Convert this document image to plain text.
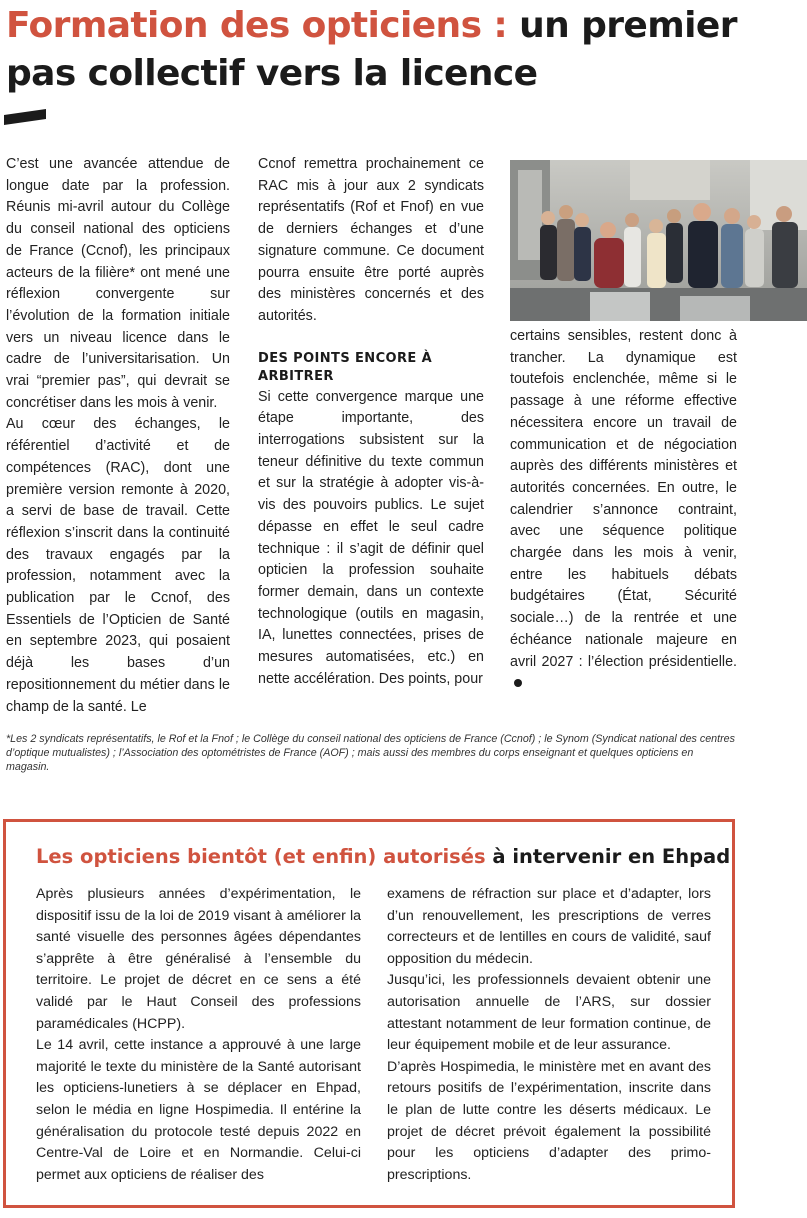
Formation des opticiens : un premier pas collectif vers la licence

C’est une avancée attendue de longue date par la profession. Réunis mi-avril autour du Collège du conseil national des opticiens de France (Ccnof), les principaux acteurs de la filière* ont mené une réflexion convergente sur l’évolution de la formation initiale vers un niveau licence dans le cadre de l’universitarisation. Un vrai “premier pas”, qui devrait se concrétiser dans les mois à venir.

Au cœur des échanges, le référentiel d’activité et de compétences (RAC), dont une première version remonte à 2020, a servi de base de travail. Cette réflexion s’inscrit dans la continuité des travaux engagés par la profession, notamment avec la publication par le Ccnof, des Essentiels de l’Opticien de Santé en septembre 2023, qui posaient déjà les bases d’un repositionnement du métier dans le champ de la santé. Le

Ccnof remettra prochainement ce RAC mis à jour aux 2 syndicats représentatifs (Rof et Fnof) en vue de derniers échanges et d’une signature commune. Ce document pourra ensuite être porté auprès des ministères concernés et des autorités.

DES POINTS ENCORE À ARBITRER

Si cette convergence marque une étape importante, des interrogations subsistent sur la teneur définitive du texte commun et sur la stratégie à adopter vis-à-vis des pouvoirs publics. Le sujet dépasse en effet le seul cadre technique : il s’agit de définir quel opticien la profession souhaite former demain, dans un contexte technologique (outils en magasin, IA, lunettes connectées, prises de mesures automatisées, etc.) en nette accélération. Des points, pour

certains sensibles, restent donc à trancher. La dynamique est toutefois enclenchée, même si le passage à une réforme effective nécessitera encore un travail de communication et de négociation auprès des différents ministères et autorités concernées. En outre, le calendrier s’annonce contraint, avec une séquence politique chargée dans les mois à venir, entre les habituels débats budgétaires (État, Sécurité sociale…) de la rentrée et une échéance nationale majeure en avril 2027 : l’élection présidentielle.

*Les 2 syndicats représentatifs, le Rof et la Fnof ; le Collège du conseil national des opticiens de France (Ccnof) ; le Synom (Syndicat national des centres d’optique mutualistes) ; l’Association des optométristes de France (AOF) ; mais aussi des membres du corps enseignant et quelques opticiens en magasin.

Les opticiens bientôt (et enfin) autorisés à intervenir en Ehpad

Après plusieurs années d’expérimentation, le dispositif issu de la loi de 2019 visant à améliorer la santé visuelle des personnes âgées dépendantes s’apprête à être généralisé à l’ensemble du territoire. Le projet de décret en ce sens a été validé par le Haut Conseil des professions paramédicales (HCPP).

Le 14 avril, cette instance a approuvé à une large majorité le texte du ministère de la Santé autorisant les opticiens-lunetiers à se déplacer en Ehpad, selon le média en ligne Hospimedia. Il entérine la généralisation du protocole testé depuis 2022 en Centre-Val de Loire et en Normandie. Celui-ci permet aux opticiens de réaliser des

examens de réfraction sur place et d’adapter, lors d’un renouvellement, les prescriptions de verres correcteurs et de lentilles en cours de validité, sauf opposition du médecin.

Jusqu’ici, les professionnels devaient obtenir une autorisation annuelle de l’ARS, sur dossier attestant notamment de leur formation continue, de leur équipement mobile et de leur assurance.

D’après Hospimedia, le ministère met en avant des retours positifs de l’expérimentation, inscrite dans le plan de lutte contre les déserts médicaux. Le projet de décret prévoit également la possibilité pour les opticiens d’adapter des primo-prescriptions.
